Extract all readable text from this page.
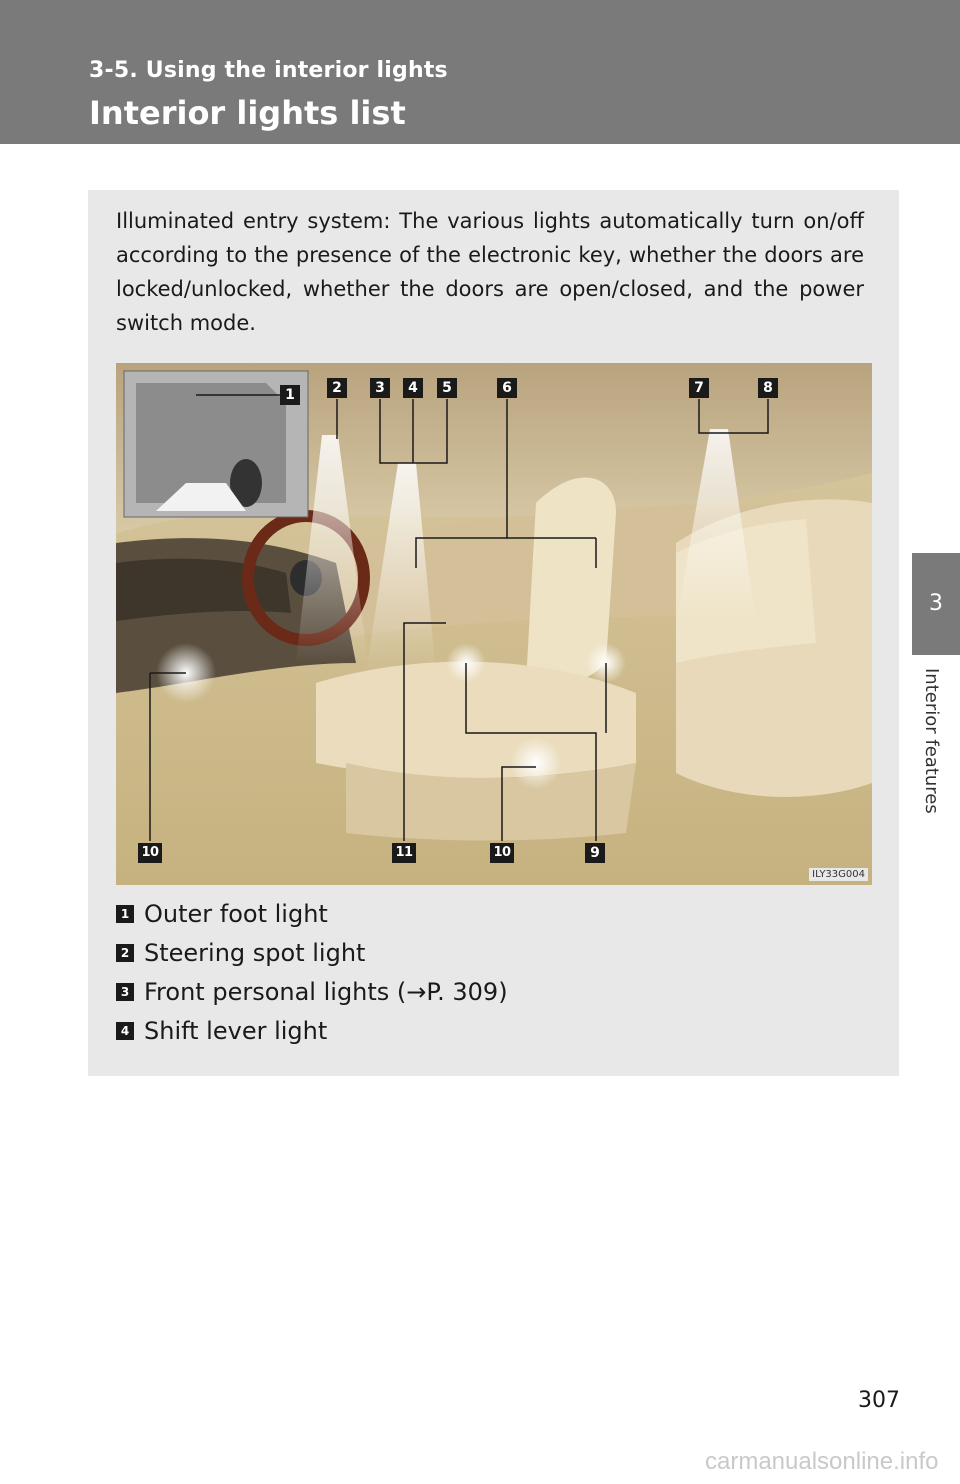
3-5. Using the interior lights
Interior lights list
3
Interior features
Illuminated entry system: The various lights automatically turn on/off according to the presence of the electronic key, whether the doors are locked/unlocked, whether the doors are open/closed, and the power switch mode.
1	2	3	4	5	6	7	8
10	11	10	9
ILY33G004
1 Outer foot light
2 Steering spot light
3 Front personal lights (→P. 309)
4 Shift lever light
307
carmanualsonline.info
